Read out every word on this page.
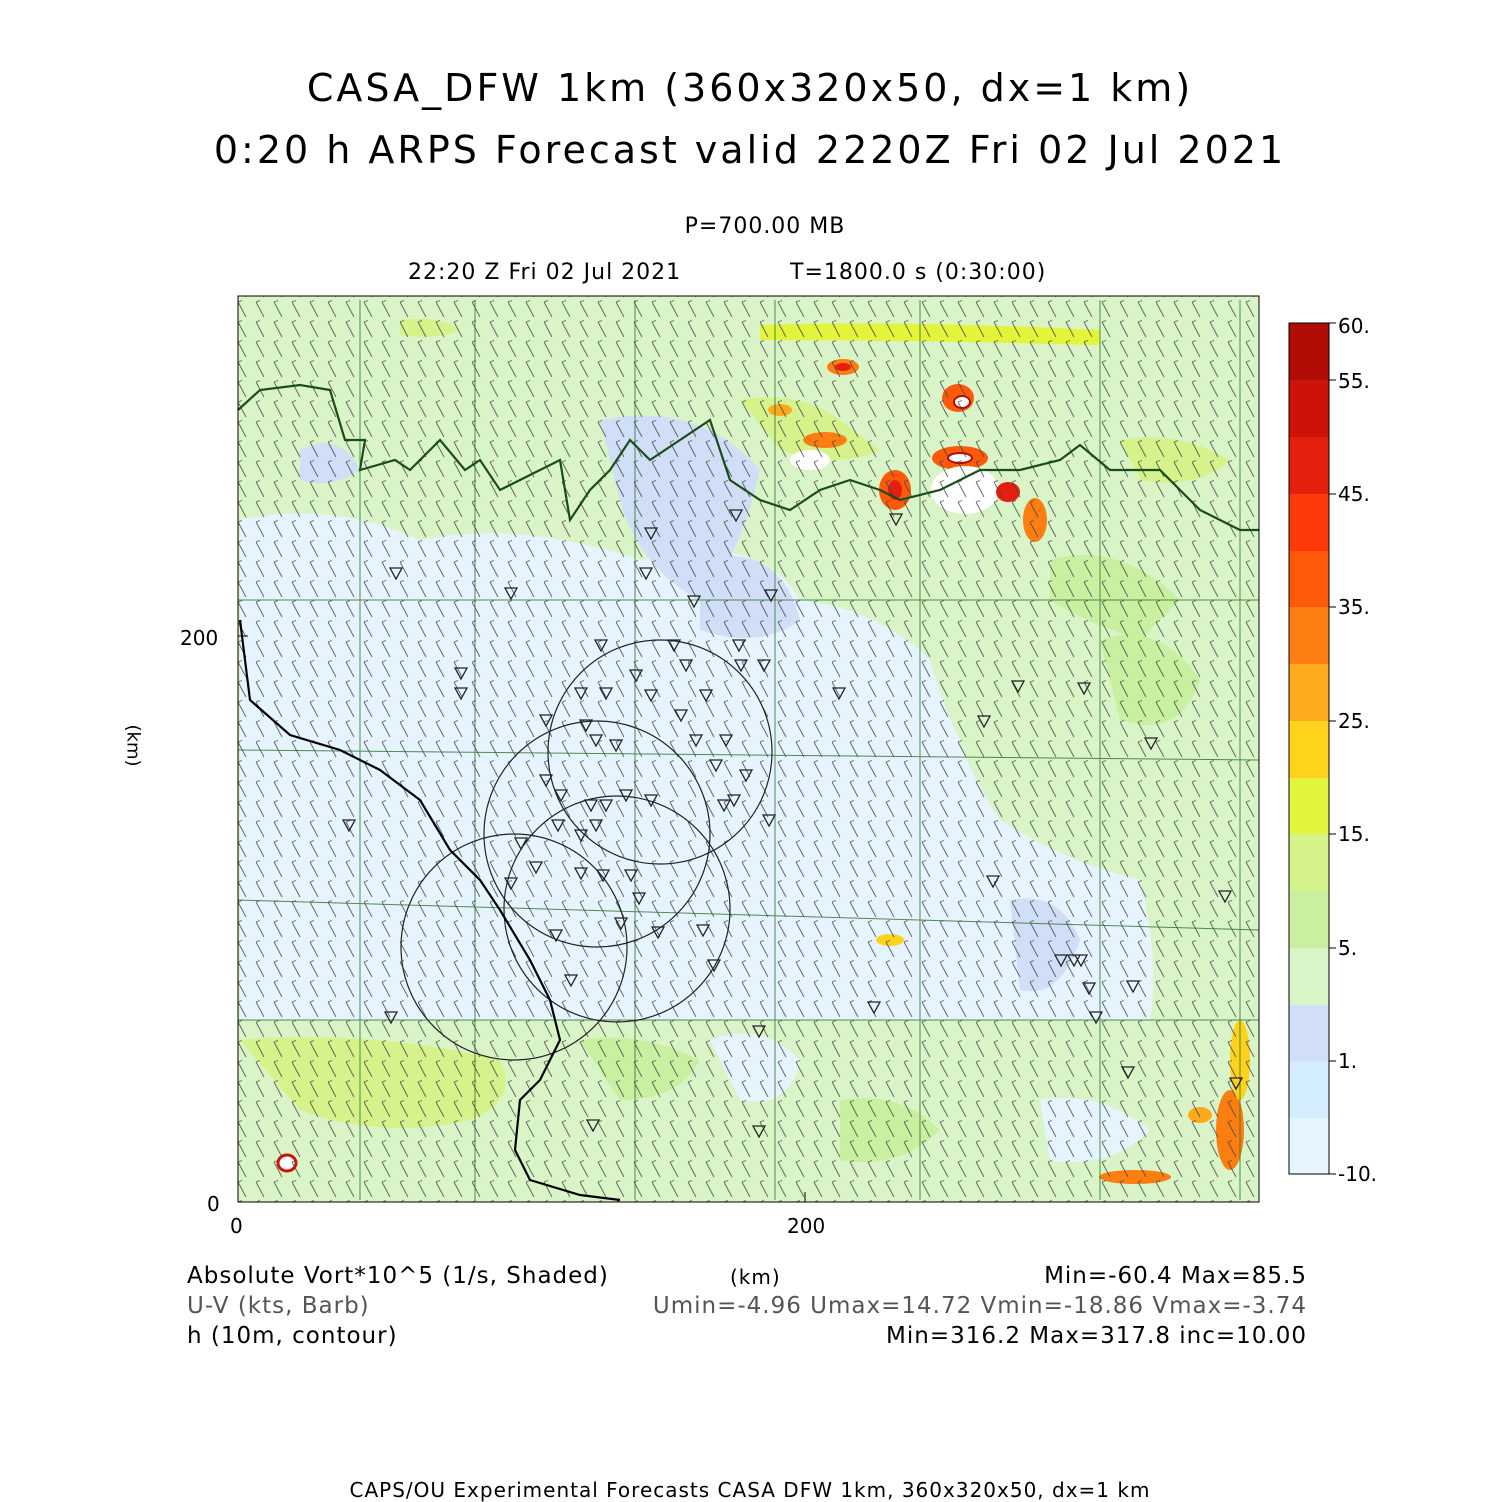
CASA_DFW 1km (360x320x50, dx=1 km)
0:20 h ARPS Forecast valid 2220Z Fri 02 Jul 2021
P=700.00 MB
22:20 Z Fri 02 Jul 2021	T=1800.0 s (0:30:00)
60.
55.
45.
35.
25.
15.
5.
1.
-10.
200
0
0	200
(km)
Absolute Vort*10^5 (1/s, Shaded)	(km)	Min=-60.4 Max=85.5
U-V (kts, Barb)	Umin=-4.96 Umax=14.72 Vmin=-18.86 Vmax=-3.74
h (10m, contour)	Min=316.2 Max=317.8 inc=10.00
CAPS/OU Experimental Forecasts CASA DFW 1km, 360x320x50, dx=1 km
